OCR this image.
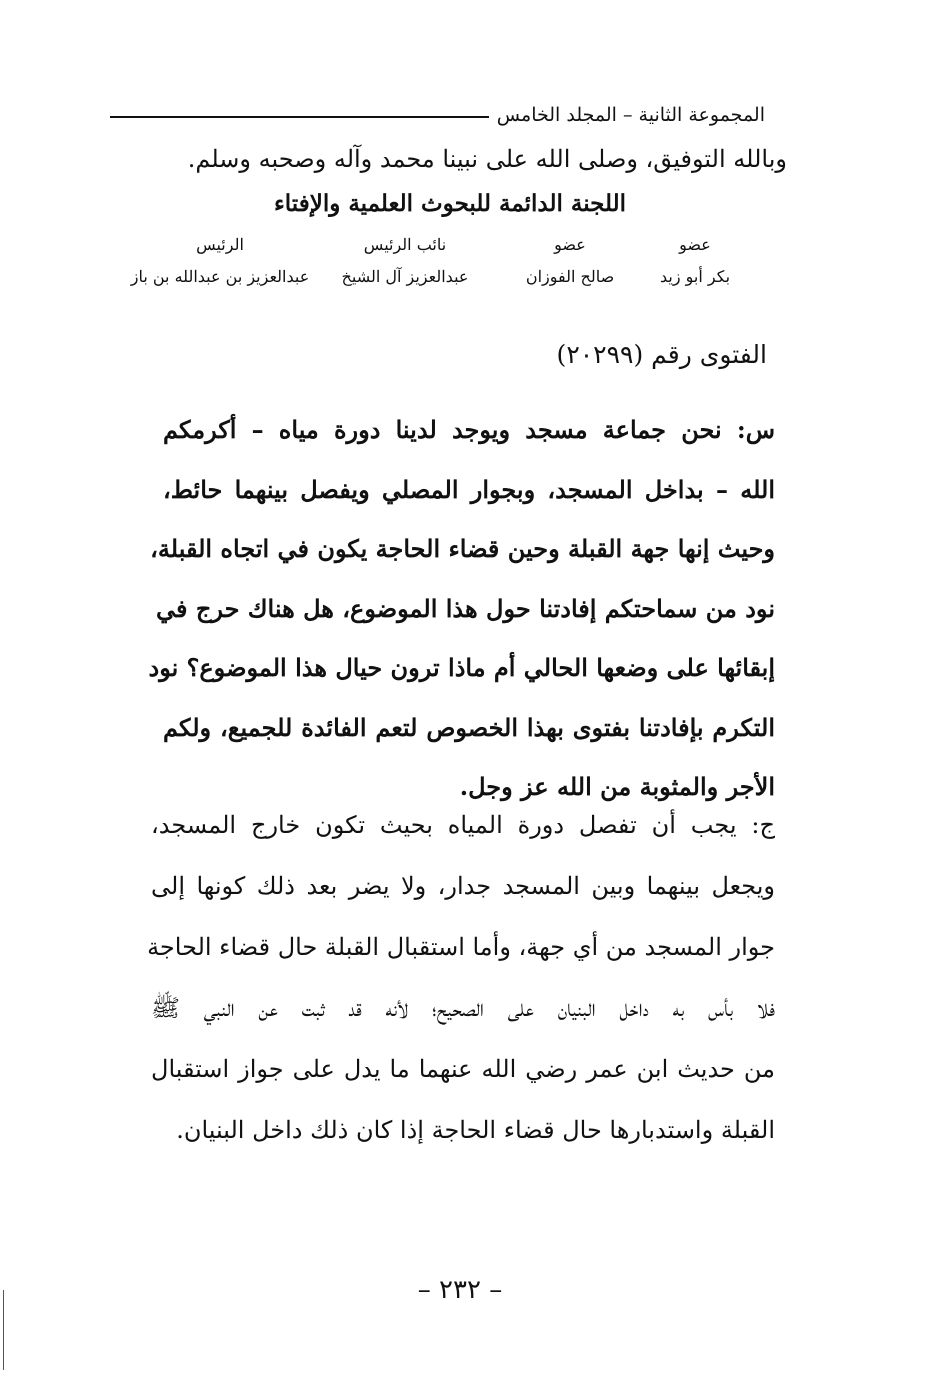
المجموعة الثانية – المجلد الخامس
وبالله التوفيق، وصلى الله على نبينا محمد وآله وصحبه وسلم.
اللجنة الدائمة للبحوث العلمية والإفتاء
عضو
بكر أبو زيد
عضو
صالح الفوزان
نائب الرئيس
عبدالعزيز آل الشيخ
الرئيس
عبدالعزيز بن عبدالله بن باز
الفتوى رقم (٢٠٢٩٩)
س: نحن جماعة مسجد ويوجد لدينا دورة مياه – أكرمكم
الله – بداخل المسجد، وبجوار المصلي ويفصل بينهما حائط،
وحيث إنها جهة القبلة وحين قضاء الحاجة يكون في اتجاه القبلة،
نود من سماحتكم إفادتنا حول هذا الموضوع، هل هناك حرج في
إبقائها على وضعها الحالي أم ماذا ترون حيال هذا الموضوع؟ نود
التكرم بإفادتنا بفتوى بهذا الخصوص لتعم الفائدة للجميع، ولكم
الأجر والمثوبة من الله عز وجل.
ج: يجب أن تفصل دورة المياه بحيث تكون خارج المسجد،
ويجعل بينهما وبين المسجد جدار، ولا يضر بعد ذلك كونها إلى
جوار المسجد من أي جهة، وأما استقبال القبلة حال قضاء الحاجة
فلا بأس به داخل البنيان على الصحيح؛ لأنه قد ثبت عن النبي ﷺ
من حديث ابن عمر رضي الله عنهما ما يدل على جواز استقبال
القبلة واستدبارها حال قضاء الحاجة إذا كان ذلك داخل البنيان.
– ٢٣٢ –
